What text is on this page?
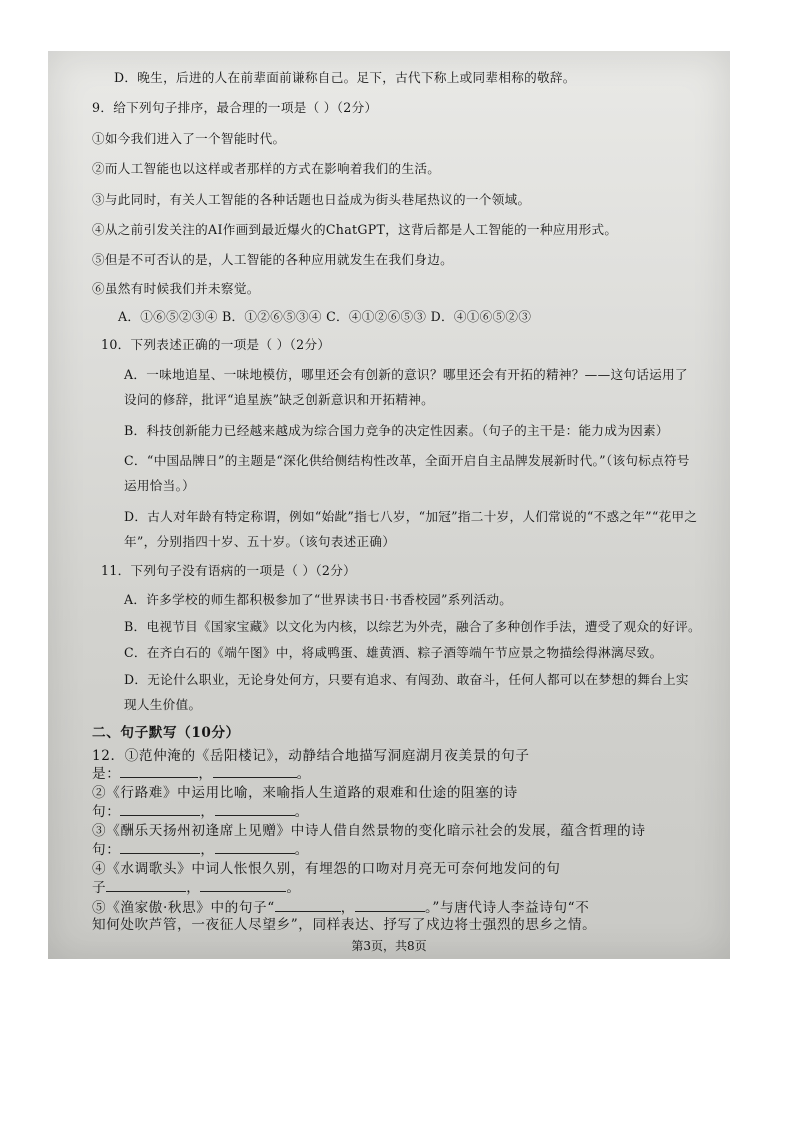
D．晚生，后进的人在前辈面前谦称自己。足下，古代下称上或同辈相称的敬辞。
9．给下列句子排序，最合理的一项是（ ）（2分）
①如今我们进入了一个智能时代。
②而人工智能也以这样或者那样的方式在影响着我们的生活。
③与此同时，有关人工智能的各种话题也日益成为街头巷尾热议的一个领域。
④从之前引发关注的AI作画到最近爆火的ChatGPT，这背后都是人工智能的一种应用形式。
⑤但是不可否认的是，人工智能的各种应用就发生在我们身边。
⑥虽然有时候我们并未察觉。
A．①⑥⑤②③④ B．①②⑥⑤③④ C．④①②⑥⑤③ D．④①⑥⑤②③
10．下列表述正确的一项是（ ）（2分）
A．一味地追星、一味地模仿，哪里还会有创新的意识？哪里还会有开拓的精神？——这句话运用了
设问的修辞，批评“追星族”缺乏创新意识和开拓精神。
B．科技创新能力已经越来越成为综合国力竞争的决定性因素。（句子的主干是：能力成为因素）
C．“中国品牌日”的主题是“深化供给侧结构性改革，全面开启自主品牌发展新时代。”（该句标点符号
运用恰当。）
D．古人对年龄有特定称谓，例如“始龀”指七八岁，“加冠”指二十岁，人们常说的“不惑之年”“花甲之
年”，分别指四十岁、五十岁。（该句表述正确）
11．下列句子没有语病的一项是（ ）（2分）
A．许多学校的师生都积极参加了“世界读书日·书香校园”系列活动。
B．电视节目《国家宝藏》以文化为内核，以综艺为外壳，融合了多种创作手法，遭受了观众的好评。
C．在齐白石的《端午图》中，将咸鸭蛋、雄黄酒、粽子酒等端午节应景之物描绘得淋漓尽致。
D．无论什么职业，无论身处何方，只要有追求、有闯劲、敢奋斗，任何人都可以在梦想的舞台上实
现人生价值。
二、句子默写（10分）
12．①范仲淹的《岳阳楼记》，动静结合地描写洞庭湖月夜美景的句子
是：	，	。
②《行路难》中运用比喻，来喻指人生道路的艰难和仕途的阻塞的诗
句：	，	。
③《酬乐天扬州初逢席上见赠》中诗人借自然景物的变化暗示社会的发展，蕴含哲理的诗
句：	，	。
④《水调歌头》中词人怅恨久别，有埋怨的口吻对月亮无可奈何地发问的句
子	，	。
⑤《渔家傲·秋思》中的句子“	，	。”与唐代诗人李益诗句“不
知何处吹芦管，一夜征人尽望乡”，同样表达、抒写了戍边将士强烈的思乡之情。
第3页，共8页
